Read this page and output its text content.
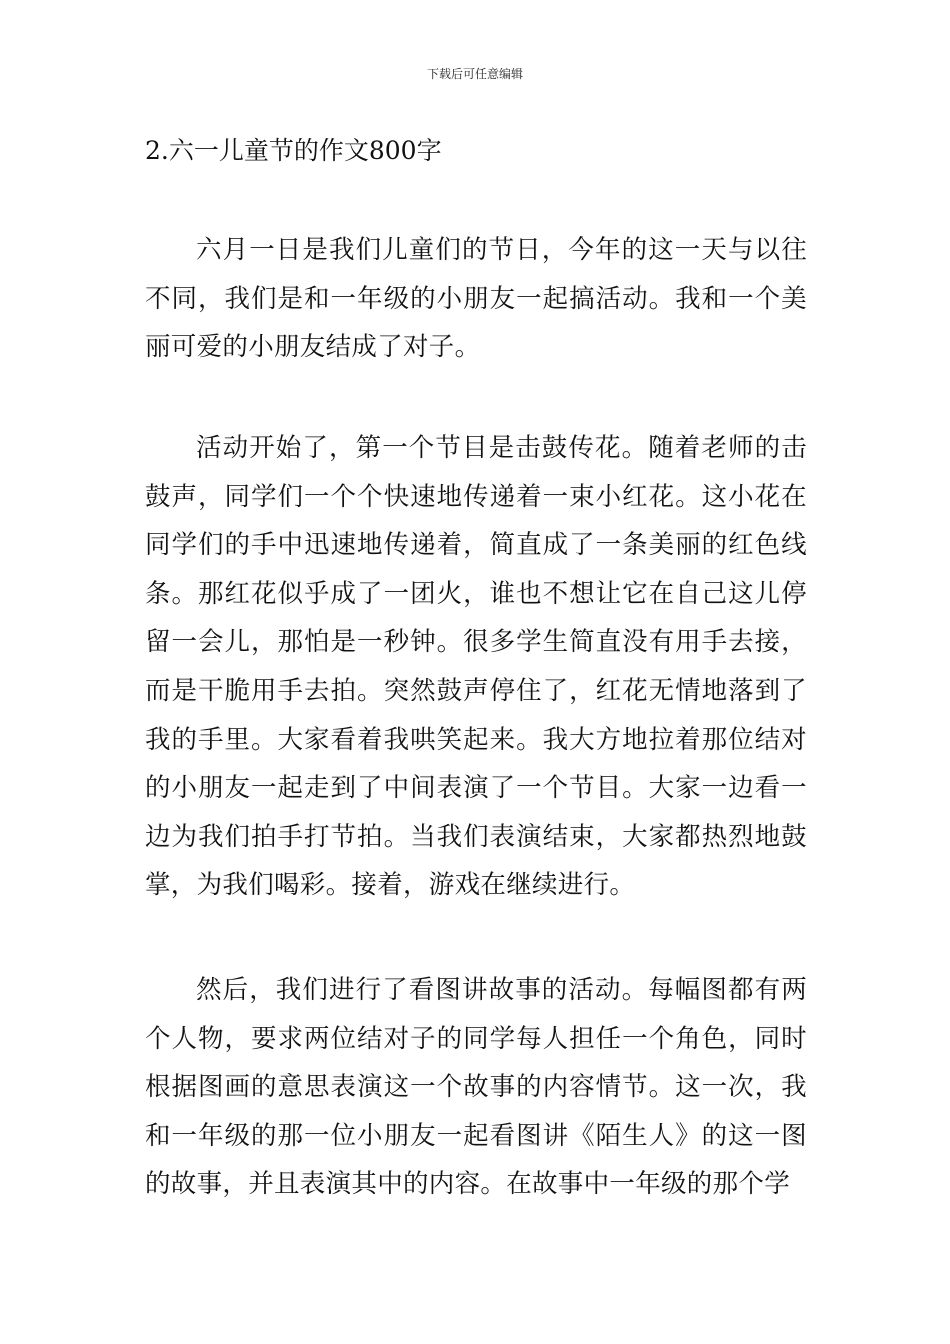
下载后可任意编辑
2.六一儿童节的作文800字

六月一日是我们儿童们的节日，今年的这一天与以往不同，我们是和一年级的小朋友一起搞活动。我和一个美丽可爱的小朋友结成了对子。

活动开始了，第一个节目是击鼓传花。随着老师的击鼓声，同学们一个个快速地传递着一束小红花。这小花在同学们的手中迅速地传递着，简直成了一条美丽的红色线条。那红花似乎成了一团火，谁也不想让它在自己这儿停留一会儿，那怕是一秒钟。很多学生简直没有用手去接，而是干脆用手去拍。突然鼓声停住了，红花无情地落到了我的手里。大家看着我哄笑起来。我大方地拉着那位结对的小朋友一起走到了中间表演了一个节目。大家一边看一边为我们拍手打节拍。当我们表演结束，大家都热烈地鼓掌，为我们喝彩。接着，游戏在继续进行。

然后，我们进行了看图讲故事的活动。每幅图都有两个人物，要求两位结对子的同学每人担任一个角色，同时根据图画的意思表演这一个故事的内容情节。这一次，我和一年级的那一位小朋友一起看图讲《陌生人》的这一图的故事，并且表演其中的内容。在故事中一年级的那个学
